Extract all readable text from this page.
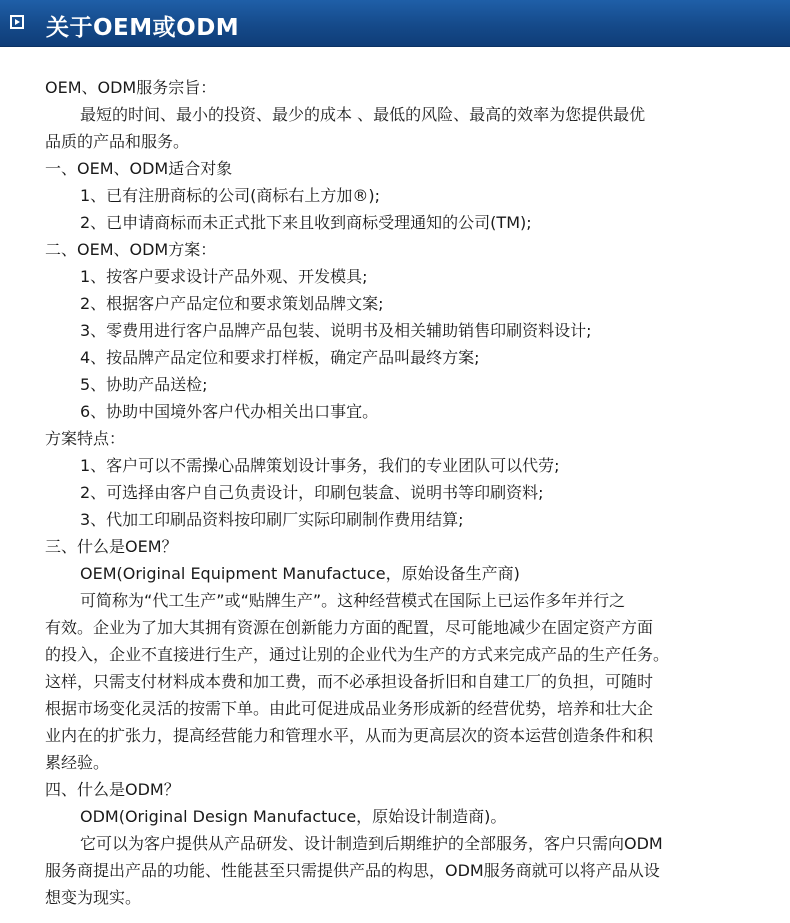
关于OEM或ODM
OEM、ODM服务宗旨：
最短的时间、最小的投资、最少的成本 、最低的风险、最高的效率为您提供最优
品质的产品和服务。
一、OEM、ODM适合对象
1、已有注册商标的公司(商标右上方加®);
2、已申请商标而未正式批下来且收到商标受理通知的公司(TM);
二、OEM、ODM方案：
1、按客户要求设计产品外观、开发模具;
2、根据客户产品定位和要求策划品牌文案;
3、零费用进行客户品牌产品包装、说明书及相关辅助销售印刷资料设计;
4、按品牌产品定位和要求打样板，确定产品叫最终方案;
5、协助产品送检;
6、协助中国境外客户代办相关出口事宜。
方案特点：
1、客户可以不需操心品牌策划设计事务，我们的专业团队可以代劳;
2、可选择由客户自己负责设计，印刷包装盒、说明书等印刷资料;
3、代加工印刷品资料按印刷厂实际印刷制作费用结算;
三、什么是OEM？
OEM(Original Equipment Manufactuce，原始设备生产商)
可简称为“代工生产”或“贴牌生产”。这种经营模式在国际上已运作多年并行之
有效。企业为了加大其拥有资源在创新能力方面的配置，尽可能地减少在固定资产方面
的投入，企业不直接进行生产，通过让别的企业代为生产的方式来完成产品的生产任务。
这样，只需支付材料成本费和加工费，而不必承担设备折旧和自建工厂的负担，可随时
根据市场变化灵活的按需下单。由此可促进成品业务形成新的经营优势，培养和壮大企
业内在的扩张力，提高经营能力和管理水平，从而为更高层次的资本运营创造条件和积
累经验。
四、什么是ODM？
ODM(Original Design Manufactuce，原始设计制造商)。
它可以为客户提供从产品研发、设计制造到后期维护的全部服务，客户只需向ODM
服务商提出产品的功能、性能甚至只需提供产品的构思，ODM服务商就可以将产品从设
想变为现实。
